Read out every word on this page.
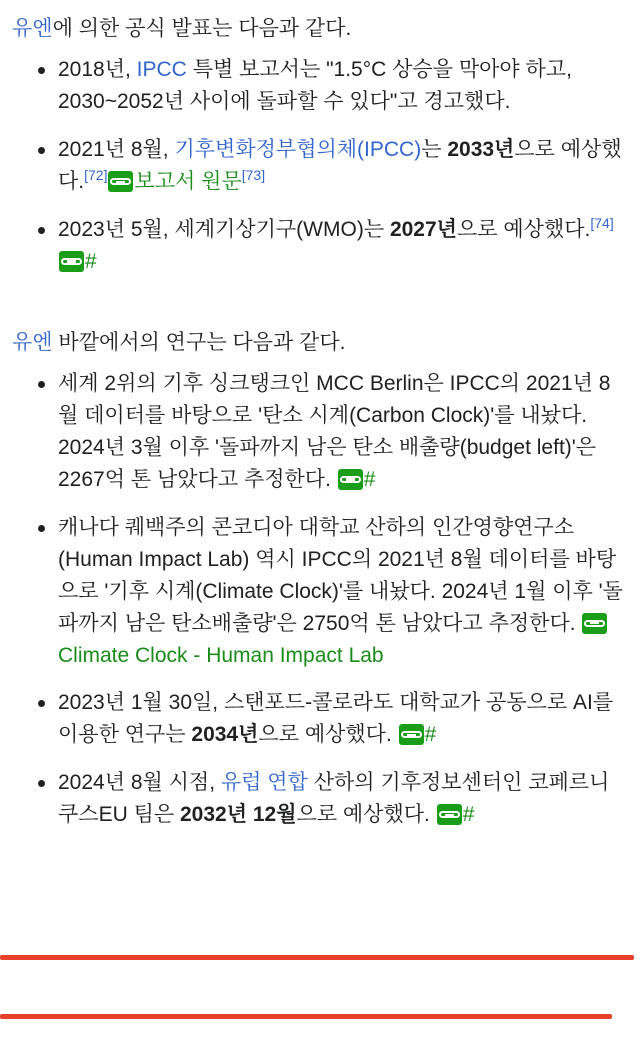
유엔에 의한 공식 발표는 다음과 같다.

2018년, IPCC 특별 보고서는 "1.5°C 상승을 막아야 하고, 2030~2052년 사이에 돌파할 수 있다"고 경고했다.
2021년 8월, 기후변화정부협의체(IPCC)는 2033년으로 예상했다.[72] 보고서 원문[73]
2023년 5월, 세계기상기구(WMO)는 2027년으로 예상했다.[74]
#

유엔 바깥에서의 연구는 다음과 같다.

세계 2위의 기후 싱크탱크인 MCC Berlin은 IPCC의 2021년 8월 데이터를 바탕으로 '탄소 시계(Carbon Clock)'를 내놨다. 2024년 3월 이후 '돌파까지 남은 탄소 배출량(budget left)'은 2267억 톤 남았다고 추정한다. #
캐나다 퀘백주의 콘코디아 대학교 산하의 인간영향연구소(Human Impact Lab) 역시 IPCC의 2021년 8월 데이터를 바탕으로 '기후 시계(Climate Clock)'를 내놨다. 2024년 1월 이후 '돌파까지 남은 탄소배출량'은 2750억 톤 남았다고 추정한다.
Climate Clock - Human Impact Lab
2023년 1월 30일, 스탠포드-콜로라도 대학교가 공동으로 AI를 이용한 연구는 2034년으로 예상했다.
#
2024년 8월 시점, 유럽 연합 산하의 기후정보센터인 코페르니쿠스EU 팀은 2032년 12월으로 예상했다.
#
